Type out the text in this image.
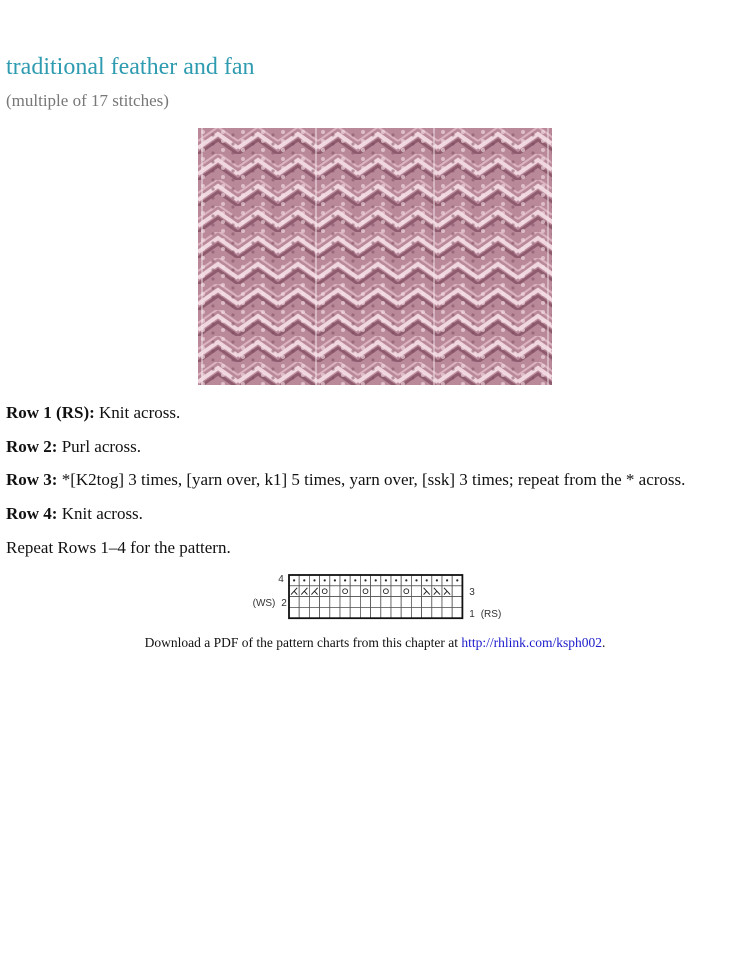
traditional feather and fan
(multiple of 17 stitches)
Row 1 (RS): Knit across.
Row 2: Purl across.
Row 3: *[K2tog] 3 times, [yarn over, k1] 5 times, yarn over, [ssk] 3 times; repeat from the * across.
Row 4: Knit across.
Repeat Rows 1–4 for the pattern.
4
3
(WS) 2
1 (RS)
Download a PDF of the pattern charts from this chapter at http://rhlink.com/ksph002.
